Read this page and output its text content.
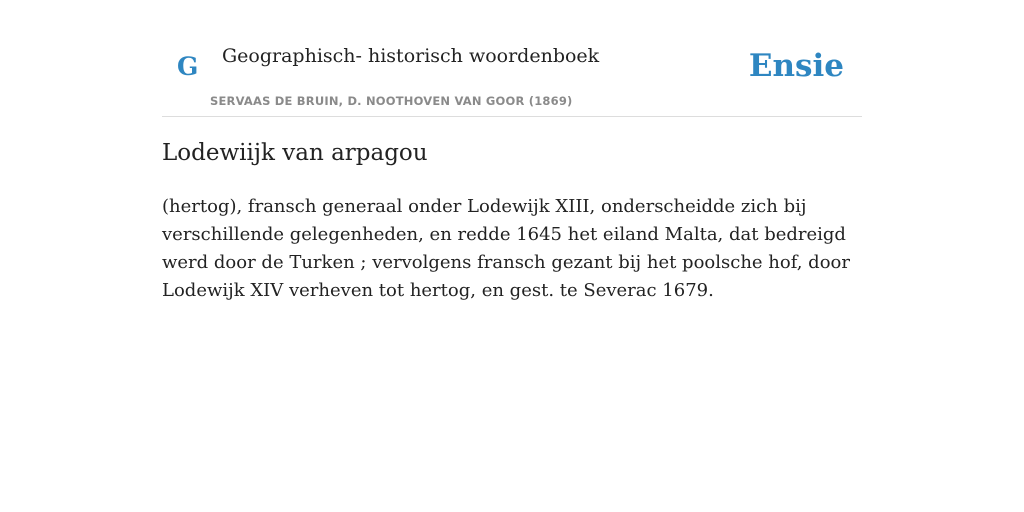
G Geographisch- historisch woordenboek
SERVAAS DE BRUIN, D. NOOTHOVEN VAN GOOR (1869)
Ensie
Lodewiijk van arpagou

(hertog), fransch generaal onder Lodewijk XIII, onderscheidde zich bij verschillende gelegenheden, en redde 1645 het eiland Malta, dat bedreigd werd door de Turken ; vervolgens fransch gezant bij het poolsche hof, door Lodewijk XIV verheven tot hertog, en gest. te Severac 1679.
